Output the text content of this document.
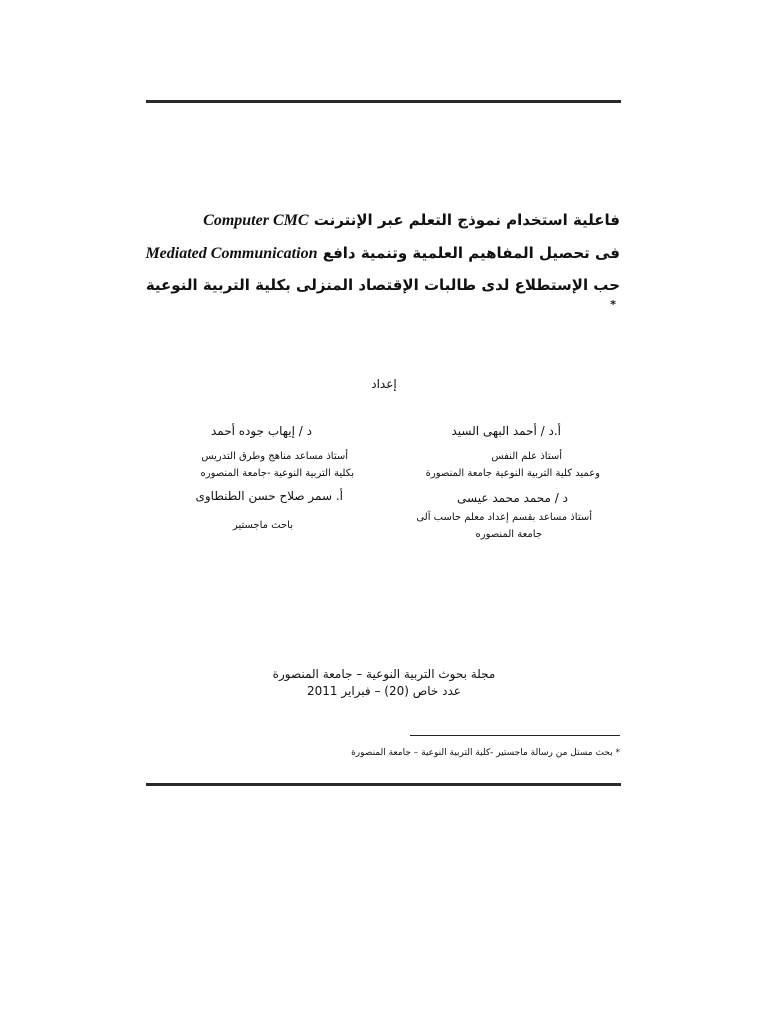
فاعلية استخدام نموذج التعلم عبر الإنترنت Computer CMC
فى تحصيل المفاهيم العلمية وتنمية دافع Mediated Communication
حب الإستطلاع لدى طالبات الإقتصاد المنزلى بكلية التربية النوعية *
إعداد
أ.د / أحمد البهى السيد
أستاذ علم النفس
وعميد كلية التربية النوعية جامعة المنصورة
د / محمد محمد عيسى
أستاذ مساعد بقسم إعداد معلم حاسب آلى
جامعة المنصوره
د / إيهاب جوده أحمد
أستاذ مساعد مناهج وطرق التدريس
بكلية التربية النوعية -جامعة المنصوره
أ. سمر صلاح حسن الطنطاوى
باحث ماجستير
مجلة بحوث التربية النوعية – جامعة المنصورة
عدد خاص (20) – فبراير 2011
* بحث مستل من رسالة ماجستير -كلية التربية النوعية – جامعة المنصورة
